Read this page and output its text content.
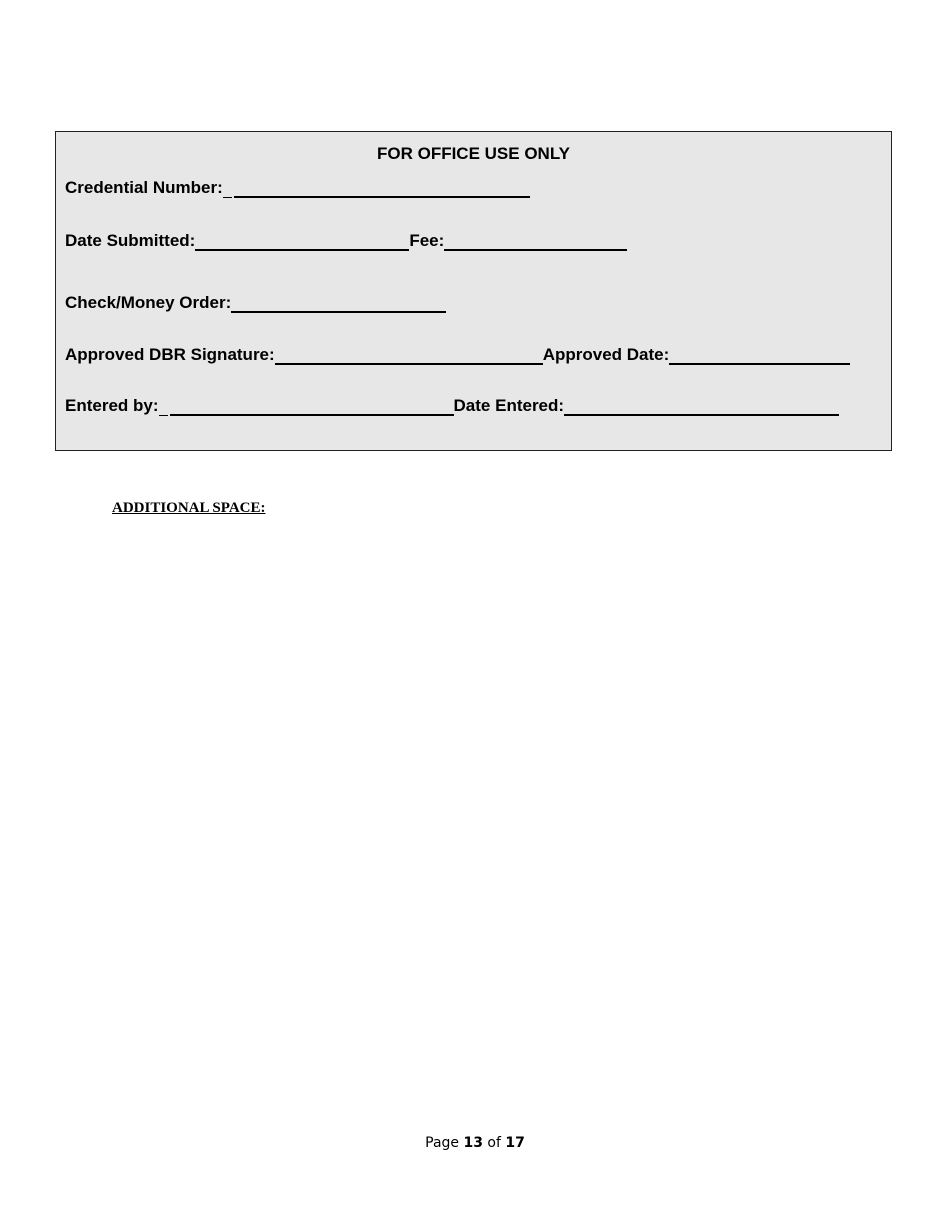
FOR OFFICE USE ONLY
Credential Number:
Date Submitted:	Fee:
Check/Money Order:
Approved DBR Signature:	Approved Date:
Entered by:	Date Entered:
ADDITIONAL SPACE:
Page 13 of 17
